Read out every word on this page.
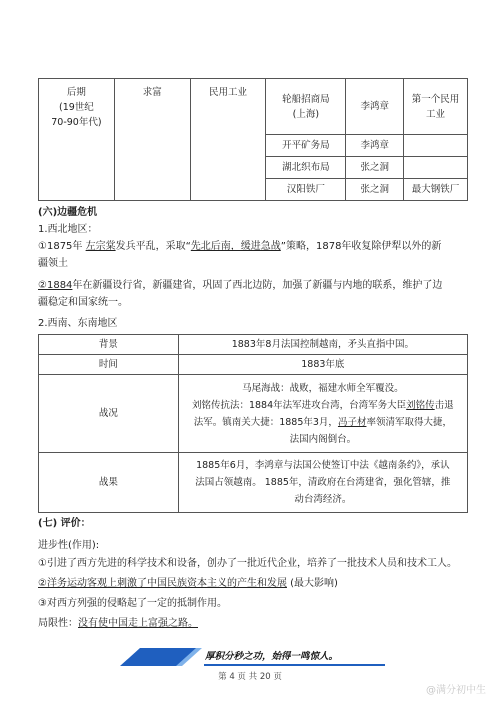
后期
(19世纪
70-90年代)	求富	民用工业	轮船招商局
(上海)	李鸿章	第一个民用
工业
			开平矿务局	李鸿章	
			湖北织布局	张之洞	
			汉阳铁厂	张之洞	最大钢铁厂
(六)边疆危机
1.西北地区：
①1875年 左宗棠发兵平乱，采取“先北后南，缓进急战”策略，1878年收复除伊犁以外的新
疆领土
②1884年在新疆设行省，新疆建省，巩固了西北边防，加强了新疆与内地的联系，维护了边
疆稳定和国家统一。
2.西南、东南地区
背景	1883年8月法国控制越南，矛头直指中国。
时间	1883年底
战况	马尾海战：战败，福建水师全军覆没。
刘铭传抗法：1884年法军进攻台湾，台湾军务大臣刘铭传击退
法军。镇南关大捷：1885年3月，冯子材率领清军取得大捷，
法国内阁倒台。

战果	1885年6月，李鸿章与法国公使签订中法《越南条约》，承认
法国占领越南。 1885年，清政府在台湾建省，强化管辖，推
动台湾经济。
(七) 评价：
进步性(作用):
①引进了西方先进的科学技术和设备，创办了一批近代企业，培养了一批技术人员和技术工人。
②洋务运动客观上刺激了中国民族资本主义的产生和发展 (最大影响)
③对西方列强的侵略起了一定的抵制作用。
局限性：没有使中国走上富强之路。
厚积分秒之功，始得一鸣惊人。
第 4 页 共 20 页
@满分初中生
